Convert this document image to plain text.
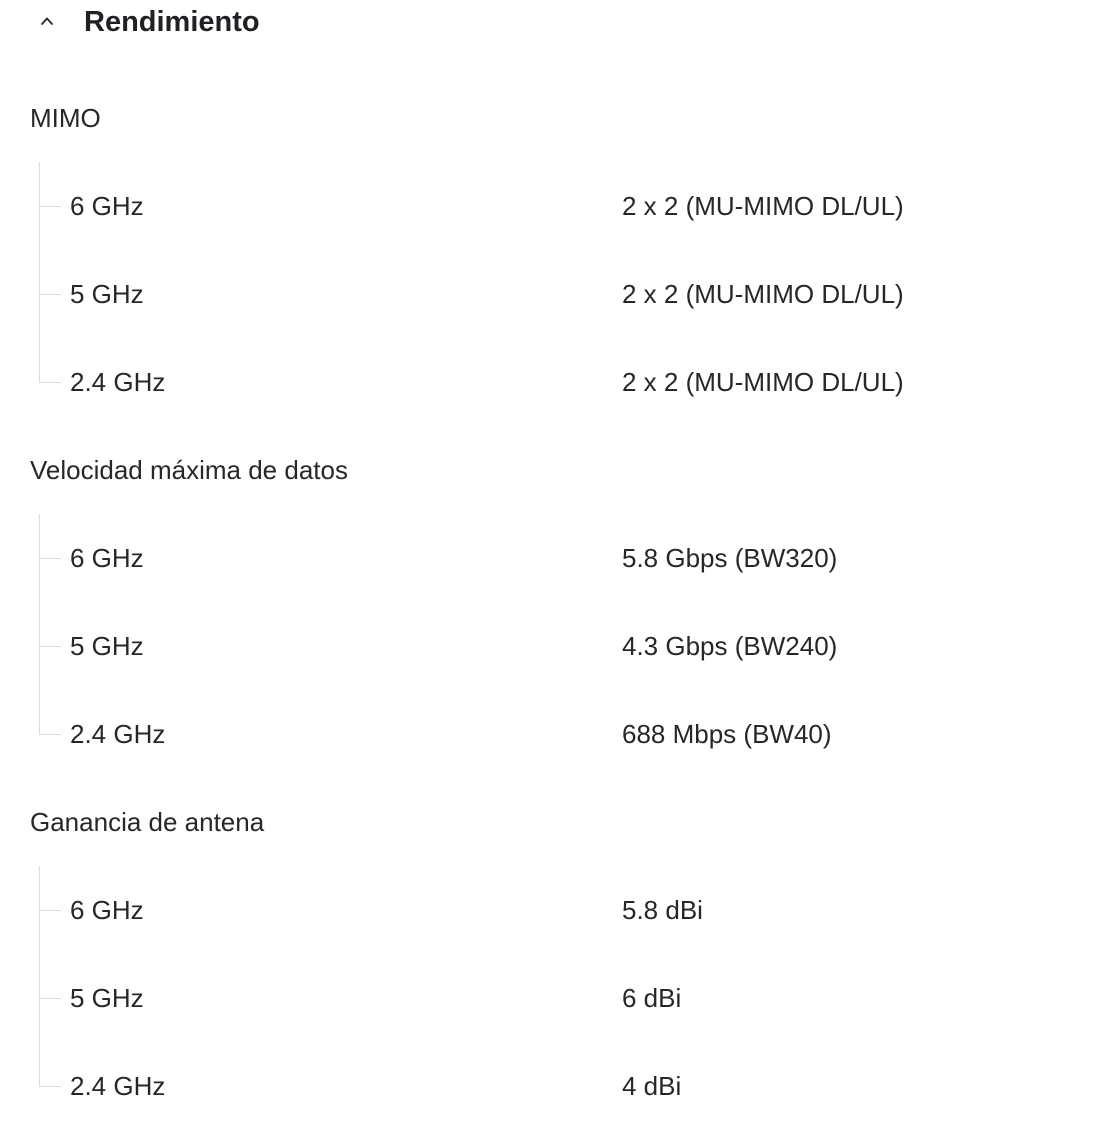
Rendimiento
MIMO
6 GHz	2 x 2 (MU-MIMO DL/UL)
5 GHz	2 x 2 (MU-MIMO DL/UL)
2.4 GHz	2 x 2 (MU-MIMO DL/UL)
Velocidad máxima de datos
6 GHz	5.8 Gbps (BW320)
5 GHz	4.3 Gbps (BW240)
2.4 GHz	688 Mbps (BW40)
Ganancia de antena
6 GHz	5.8 dBi
5 GHz	6 dBi
2.4 GHz	4 dBi
